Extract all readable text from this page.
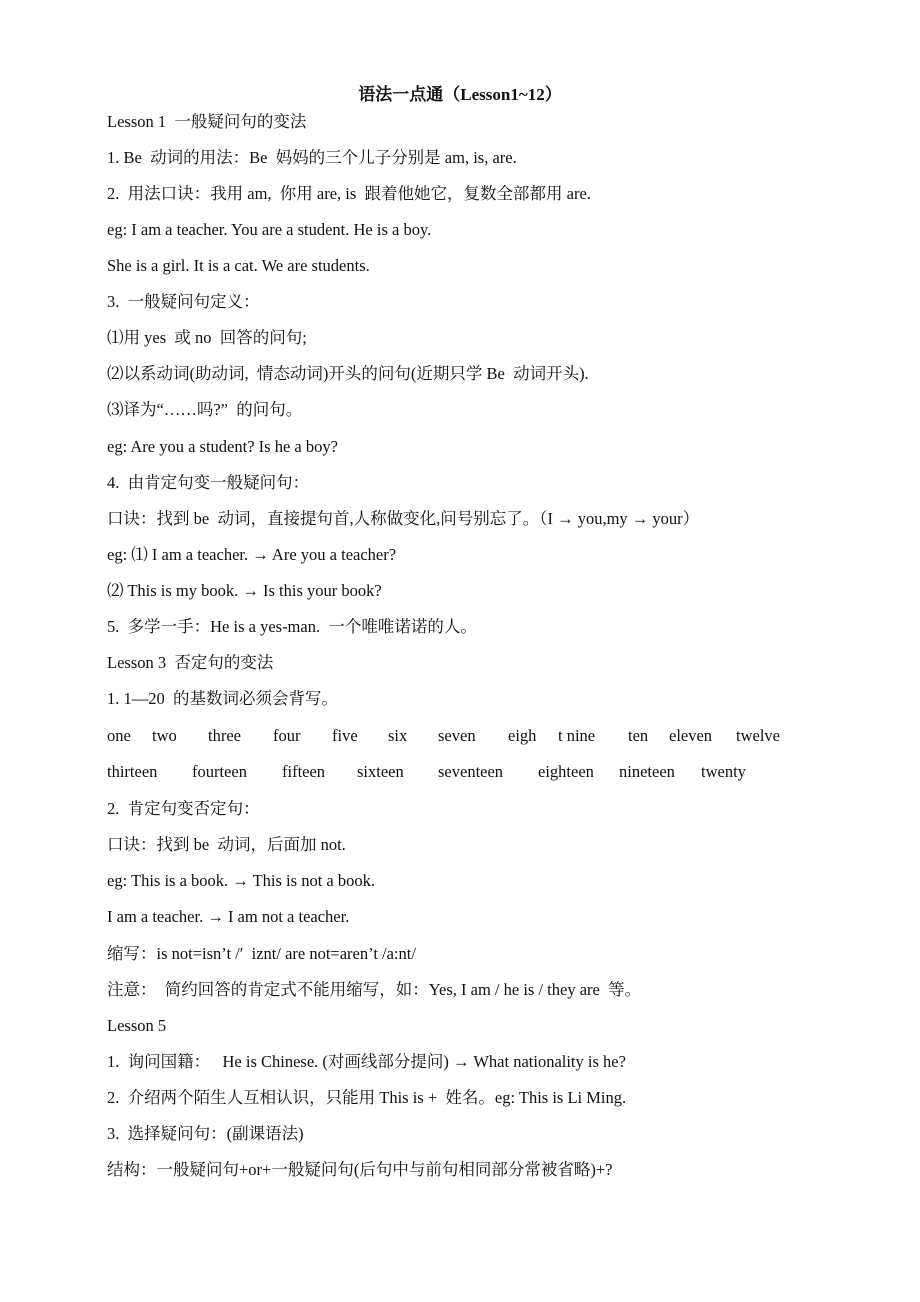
语法一点通（Lesson1~12）
Lesson 1  一般疑问句的变法
1. Be  动词的用法：Be  妈妈的三个儿子分别是 am, is, are.
2.  用法口诀：我用 am,  你用 are, is  跟着他她它，复数全部都用 are.
eg: I am a teacher. You are a student. He is a boy.
She is a girl. It is a cat. We are students.
3.  一般疑问句定义：
⑴用 yes  或 no  回答的问句;
⑵以系动词(助动词,  情态动词)开头的问句(近期只学 Be  动词开头).
⑶译为“……吗?”  的问句。
eg: Are you a student? Is he a boy?
4.  由肯定句变一般疑问句：
口诀：找到 be  动词，直接提句首,人称做变化,问号别忘了。（I → you,my → your）
eg: ⑴ I am a teacher. → Are you a teacher?
⑵ This is my book. → Is this your book?
5.  多学一手：He is a yes-man.  一个唯唯诺诺的人。
Lesson 3  否定句的变法
1. 1—20  的基数词必须会背写。
one two three four five six seven eigh t nine ten eleven twelve
thirteen fourteen fifteen sixteen seventeen eighteen nineteen twenty
2.  肯定句变否定句：
口诀：找到 be  动词，后面加 not.
eg: This is a book. → This is not a book.
I am a teacher. → I am not a teacher.
缩写：is not=isn’t /′  iznt/ are not=aren’t /a:nt/
注意：  简约回答的肯定式不能用缩写，如：Yes, I am / he is / they are  等。
Lesson 5
1.  询问国籍：   He is Chinese. (对画线部分提问) → What nationality is he?
2.  介绍两个陌生人互相认识，只能用 This is +  姓名。eg: This is Li Ming.
3.  选择疑问句：(副课语法)
结构：一般疑问句+or+一般疑问句(后句中与前句相同部分常被省略)+?
